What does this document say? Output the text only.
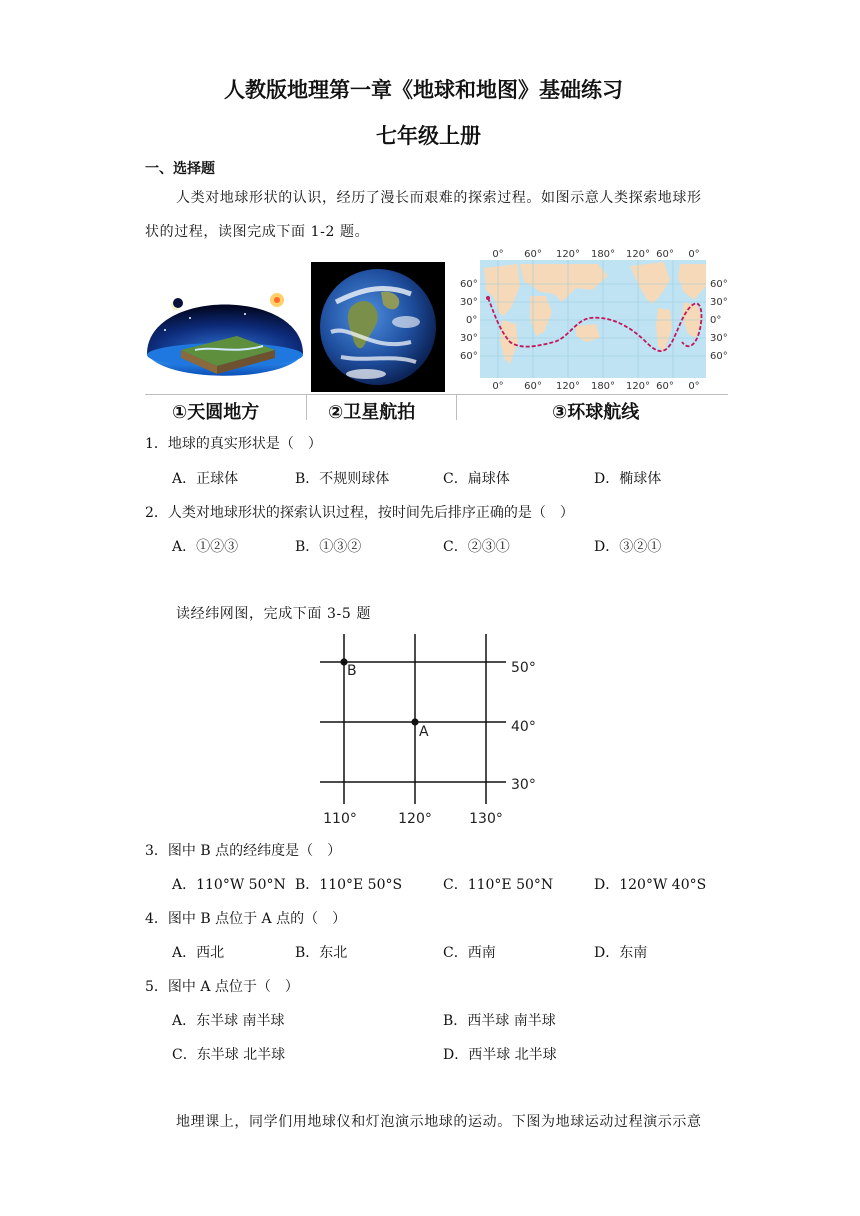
人教版地理第一章《地球和地图》基础练习
七年级上册
一、选择题
人类对地球形状的认识，经历了漫长而艰难的探索过程。如图示意人类探索地球形
状的过程，读图完成下面 1-2 题。
①天圆地方	②卫星航拍
0° 60° 120° 180° 120° 60° 0°
0° 60° 120° 180° 120° 60° 0°
60°
30°
0°
30°
60°
60°
30°
0°
30°
60°
③环球航线
1．地球的真实形状是（　）
A．正球体	B．不规则球体	C．扁球体	D．椭球体
2．人类对地球形状的探索认识过程，按时间先后排序正确的是（　）
A．①②③	B．①③②	C．②③①	D．③②①
读经纬网图，完成下面 3-5 题
B
A
50°
40°
30°
110°	120°	130°
3．图中 B 点的经纬度是（　）
A．110°W 50°N B．110°E 50°S	C．110°E 50°N	D．120°W 40°S
4．图中 B 点位于 A 点的（　）
A．西北	B．东北	C．西南	D．东南
5．图中 A 点位于（　）
A．东半球 南半球	B．西半球 南半球
C．东半球 北半球	D．西半球 北半球
地理课上，同学们用地球仪和灯泡演示地球的运动。下图为地球运动过程演示示意
